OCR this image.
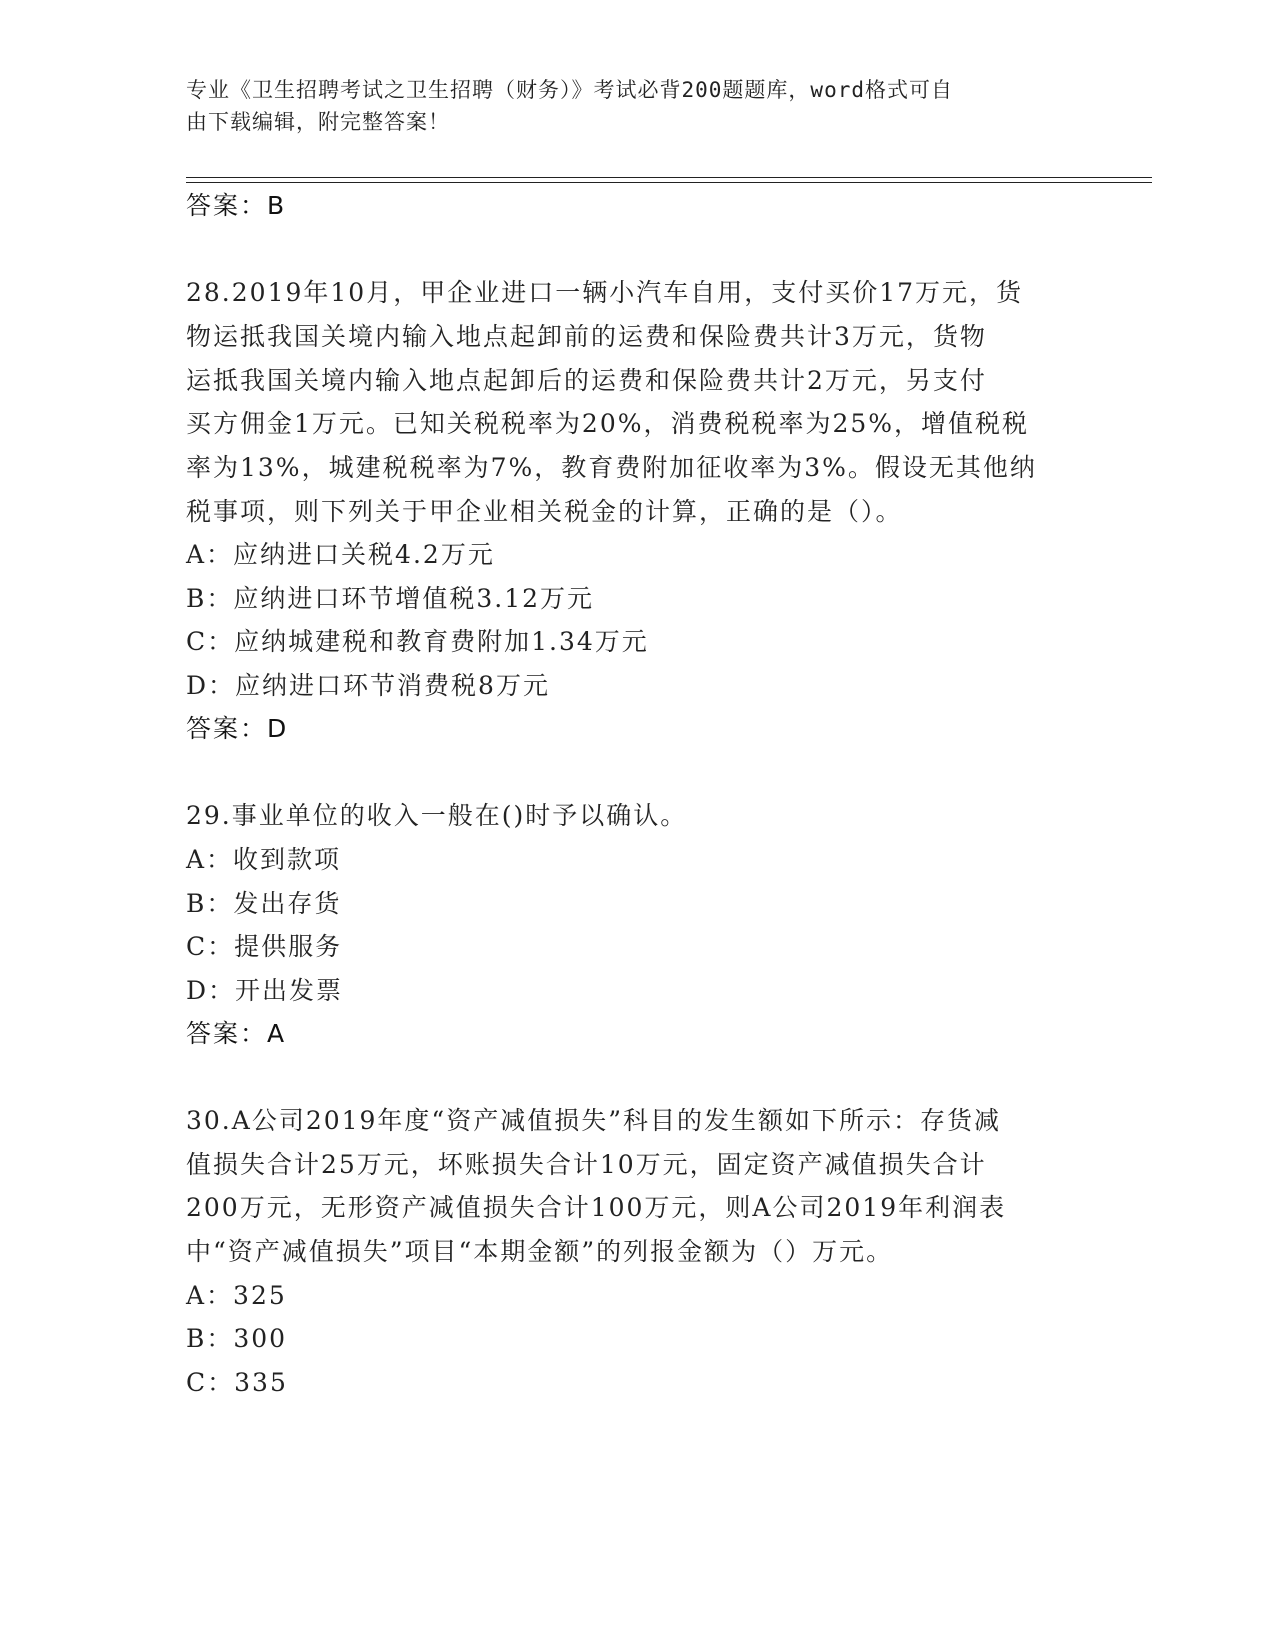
专业《卫生招聘考试之卫生招聘（财务）》考试必背200题题库，word格式可自
由下载编辑，附完整答案！
答案：B
28.2019年10月，甲企业进口一辆小汽车自用，支付买价17万元，货
物运抵我国关境内输入地点起卸前的运费和保险费共计3万元，货物
运抵我国关境内输入地点起卸后的运费和保险费共计2万元，另支付
买方佣金1万元。已知关税税率为20%，消费税税率为25%，增值税税
率为13%，城建税税率为7%，教育费附加征收率为3%。假设无其他纳
税事项，则下列关于甲企业相关税金的计算，正确的是（）。
A：应纳进口关税4.2万元
B：应纳进口环节增值税3.12万元
C：应纳城建税和教育费附加1.34万元
D：应纳进口环节消费税8万元
答案：D
29.事业单位的收入一般在()时予以确认。
A：收到款项
B：发出存货
C：提供服务
D：开出发票
答案：A
30.A公司2019年度“资产减值损失”科目的发生额如下所示：存货减
值损失合计25万元，坏账损失合计10万元，固定资产减值损失合计
200万元，无形资产减值损失合计100万元，则A公司2019年利润表
中“资产减值损失”项目“本期金额”的列报金额为（）万元。
A：325
B：300
C：335
